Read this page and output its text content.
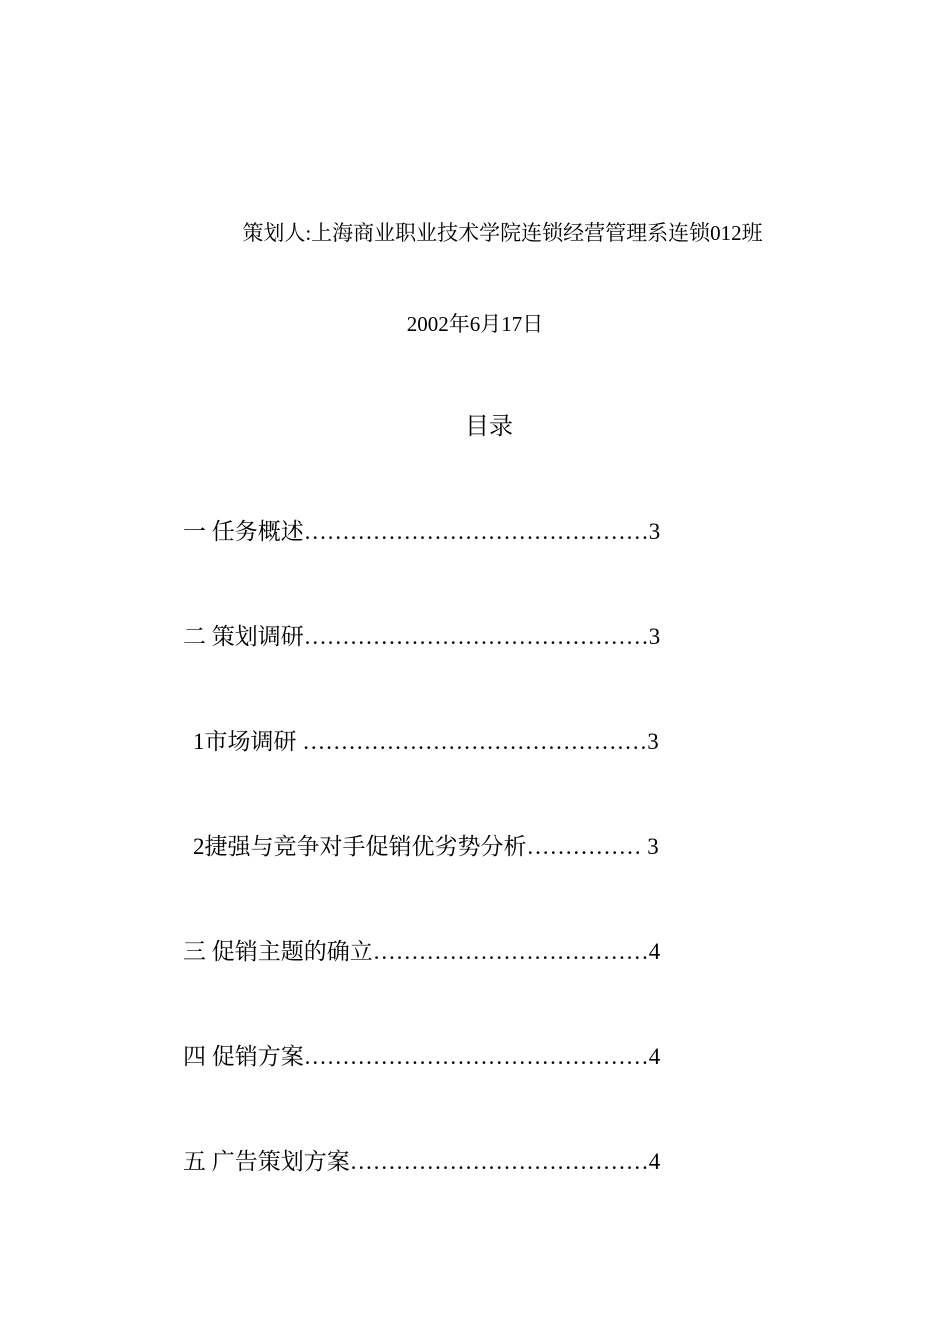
策划人:上海商业职业技术学院连锁经营管理系连锁012班
2002年6月17日
目录
一 任务概述………………………………………3
二 策划调研………………………………………3
1市场调研 ………………………………………3
2捷强与竞争对手促销优劣势分析…………… 3
三 促销主题的确立………………………………4
四 促销方案………………………………………4
五 广告策划方案…………………………………4
